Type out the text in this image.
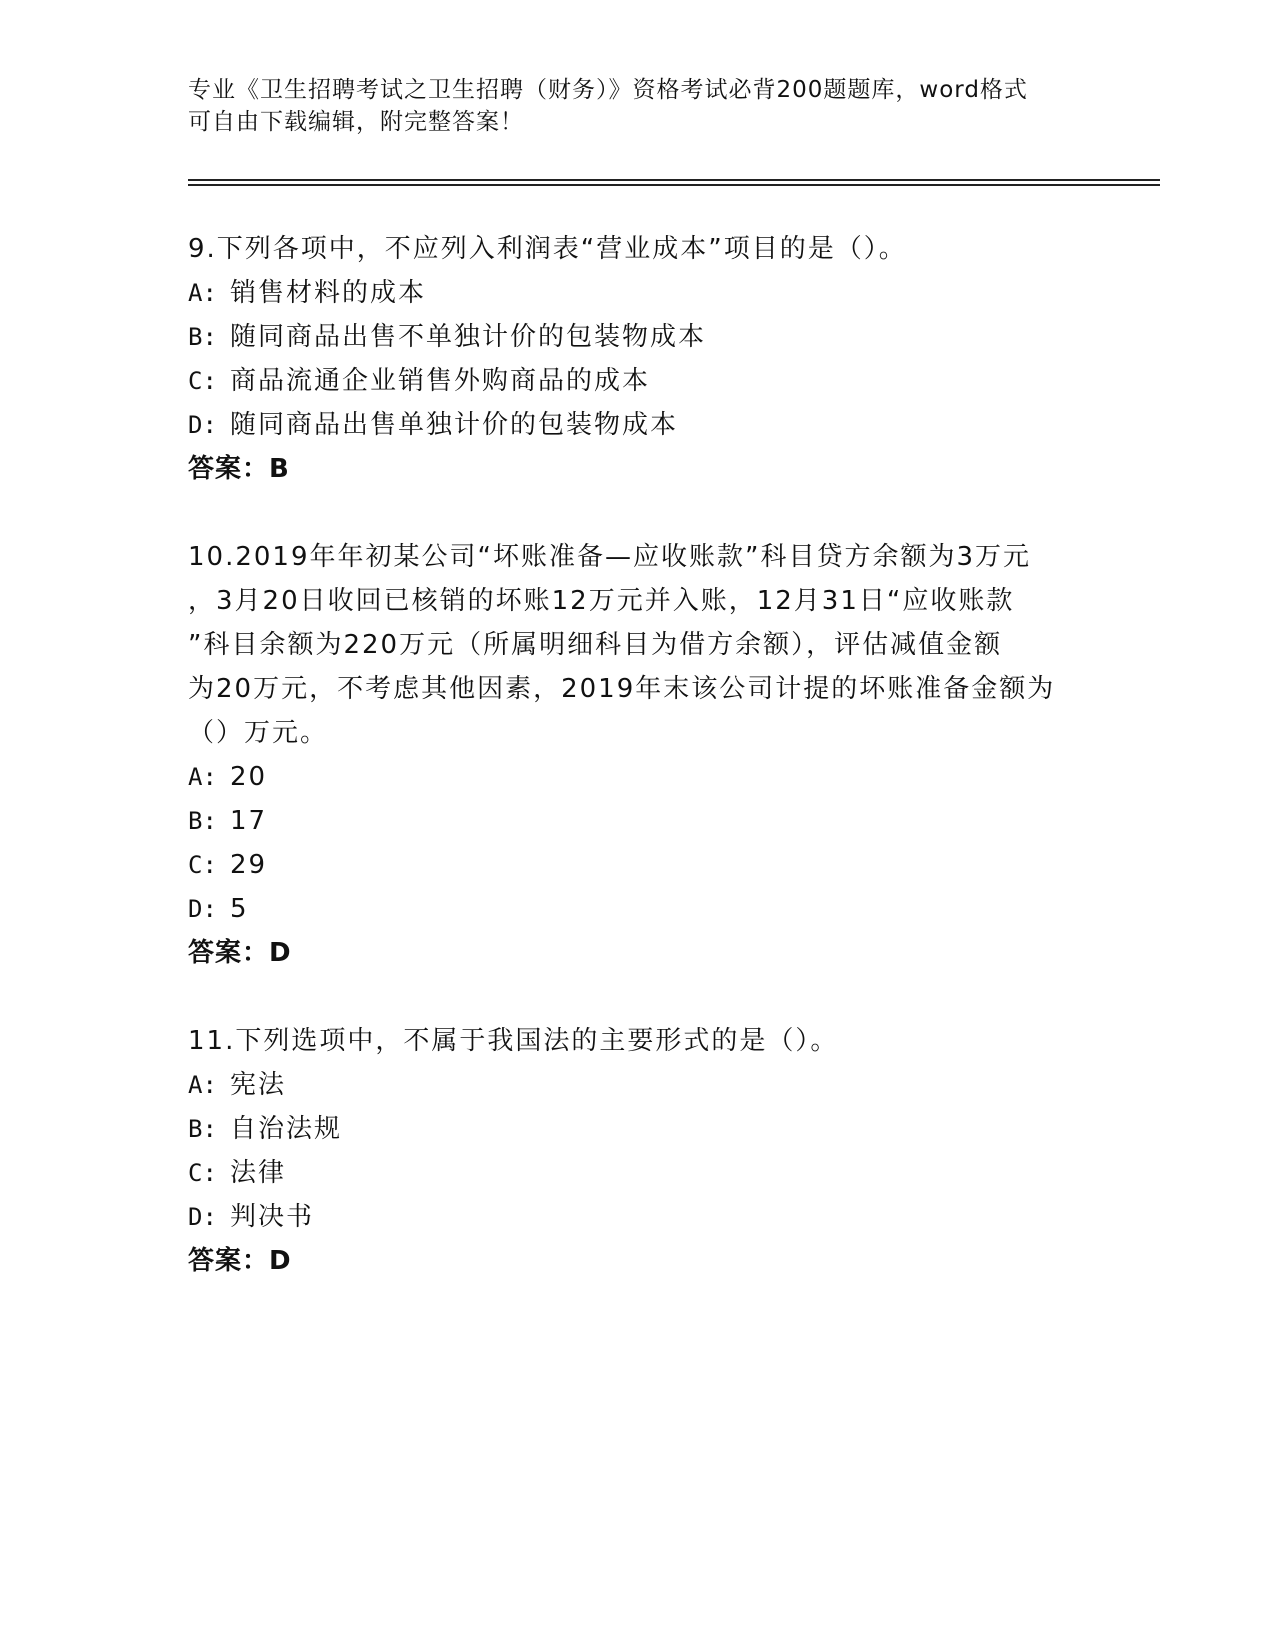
专业《卫生招聘考试之卫生招聘（财务）》资格考试必背200题题库，word格式
可自由下载编辑，附完整答案！
9.下列各项中，不应列入利润表“营业成本”项目的是（）。
A: 销售材料的成本
B: 随同商品出售不单独计价的包装物成本
C: 商品流通企业销售外购商品的成本
D: 随同商品出售单独计价的包装物成本
答案：B
10.2019年年初某公司“坏账准备—应收账款”科目贷方余额为3万元
，3月20日收回已核销的坏账12万元并入账，12月31日“应收账款
”科目余额为220万元（所属明细科目为借方余额），评估减值金额
为20万元，不考虑其他因素，2019年末该公司计提的坏账准备金额为
（）万元。
A: 20
B: 17
C: 29
D: 5
答案：D
11.下列选项中，不属于我国法的主要形式的是（）。
A: 宪法
B: 自治法规
C: 法律
D: 判决书
答案：D
